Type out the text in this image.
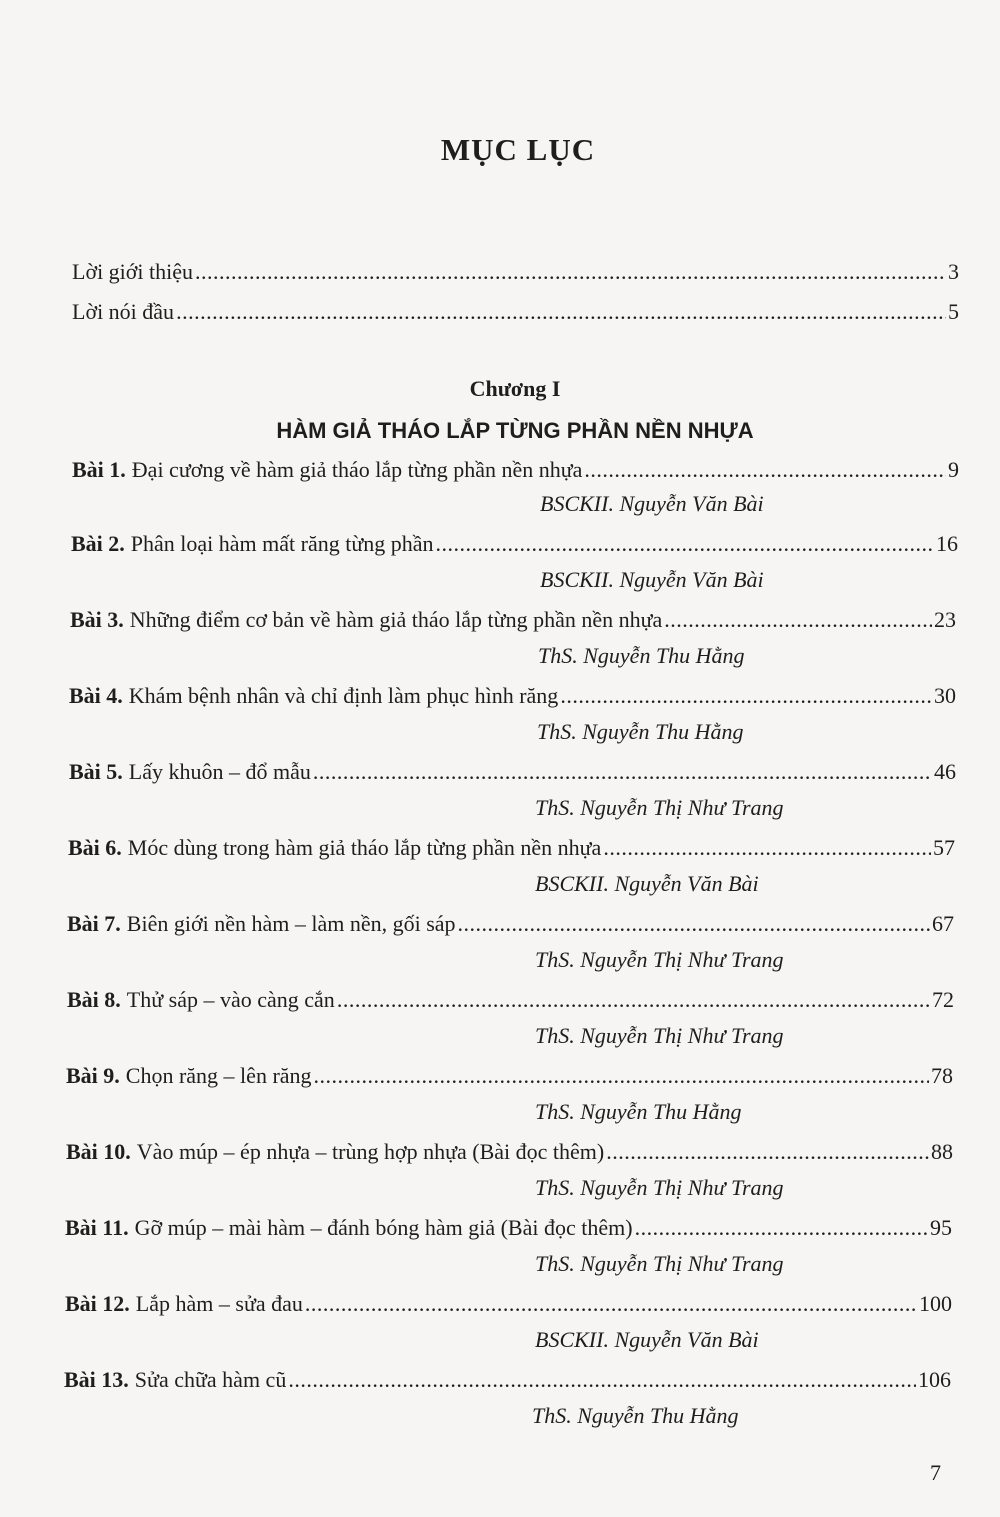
MỤC LỤC
Lời giới thiệu .....	3
Lời nói đầu .....	5
Chương I
HÀM GIẢ THÁO LẮP TỪNG PHẦN NỀN NHỰA
Bài 1. Đại cương về hàm giả tháo lắp từng phần nền nhựa .....	9
BSCKII. Nguyễn Văn Bài
Bài 2. Phân loại hàm mất răng từng phần .....	16
BSCKII. Nguyễn Văn Bài
Bài 3. Những điểm cơ bản về hàm giả tháo lắp từng phần nền nhựa .....	23
ThS. Nguyễn Thu Hằng
Bài 4. Khám bệnh nhân và chỉ định làm phục hình răng .....	30
ThS. Nguyễn Thu Hằng
Bài 5. Lấy khuôn – đổ mẫu .....	46
ThS. Nguyễn Thị Như Trang
Bài 6. Móc dùng trong hàm giả tháo lắp từng phần nền nhựa .....	57
BSCKII. Nguyễn Văn Bài
Bài 7. Biên giới nền hàm – làm nền, gối sáp .....	67
ThS. Nguyễn Thị Như Trang
Bài 8. Thử sáp – vào càng cắn .....	72
ThS. Nguyễn Thị Như Trang
Bài 9. Chọn răng – lên răng .....	78
ThS. Nguyễn Thu Hằng
Bài 10. Vào múp – ép nhựa – trùng hợp nhựa (Bài đọc thêm) .....	88
ThS. Nguyễn Thị Như Trang
Bài 11. Gỡ múp – mài hàm – đánh bóng hàm giả (Bài đọc thêm) .....	95
ThS. Nguyễn Thị Như Trang
Bài 12. Lắp hàm – sửa đau .....	100
BSCKII. Nguyễn Văn Bài
Bài 13. Sửa chữa hàm cũ .....	106
ThS. Nguyễn Thu Hằng
7
